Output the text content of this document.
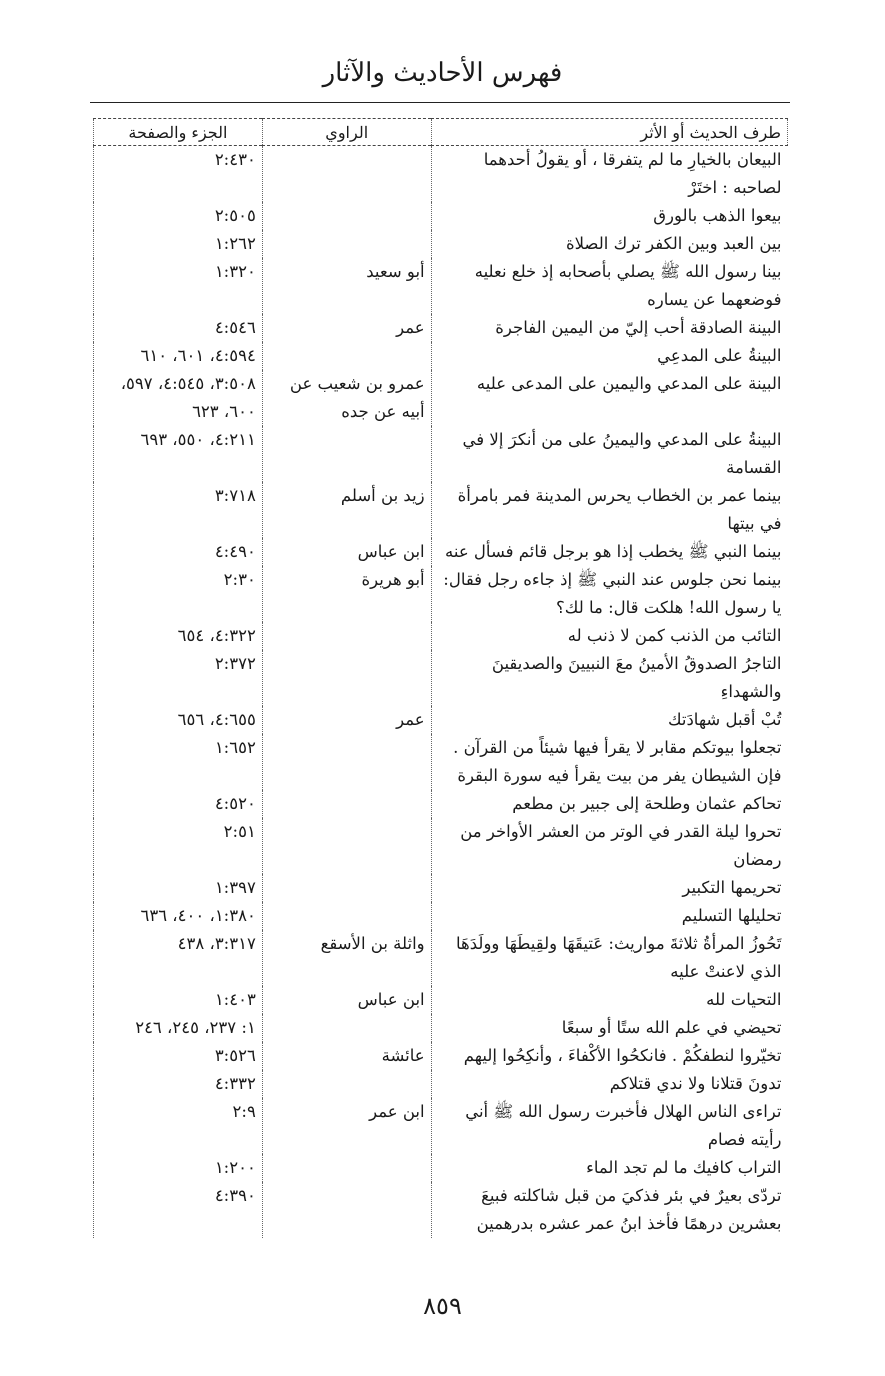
فهرس الأحاديث والآثار
طرف الحديث أو الأثر	الراوي	الجزء والصفحة
البيعان بالخيارِ ما لم يتفرقا ، أو يقولُ أحدهما لصاحبه : اختَرْ		٢:٤٣٠
بيعوا الذهب بالورق		٢:٥٠٥
بين العبد وبين الكفر ترك الصلاة		١:٢٦٢
بينا رسول الله ﷺ يصلي بأصحابه إذ خلع نعليه فوضعهما عن يساره	أبو سعيد	١:٣٢٠
البينة الصادقة أحب إليّ من اليمين الفاجرة	عمر	٤:٥٤٦
البينةُ على المدعِي		٤:٥٩٤، ٦٠١، ٦١٠
البينة على المدعي واليمين على المدعى عليه	عمرو بن شعيب عن أبيه عن جده	٣:٥٠٨، ٤:٥٤٥، ٥٩٧، ٦٠٠، ٦٢٣
البينةُ على المدعي واليمينُ على من أنكرَ إلا في القسامة		٤:٢١١، ٥٥٠، ٦٩٣
بينما عمر بن الخطاب يحرس المدينة فمر بامرأة في بيتها	زيد بن أسلم	٣:٧١٨
بينما النبي ﷺ يخطب إذا هو برجل قائم فسأل عنه	ابن عباس	٤:٤٩٠
بينما نحن جلوس عند النبي ﷺ إذ جاءه رجل فقال: يا رسول الله! هلكت قال: ما لك؟	أبو هريرة	٢:٣٠
التائب من الذنب كمن لا ذنب له		٤:٣٢٢، ٦٥٤
التاجرُ الصدوقُ الأمينُ معَ النبيينَ والصديقينَ والشهداءِ		٢:٣٧٢
تُبْ أقبل شهادَتك	عمر	٤:٦٥٥، ٦٥٦
تجعلوا بيوتكم مقابر لا يقرأ فيها شيئاً من القرآن . فإن الشيطان يفر من بيت يقرأ فيه سورة البقرة		١:٦٥٢
تحاكم عثمان وطلحة إلى جبير بن مطعم		٤:٥٢٠
تحروا ليلة القدر في الوتر من العشر الأواخر من رمضان		٢:٥١
تحريمها التكبير		١:٣٩٧
تحليلها التسليم		١:٣٨٠، ٤٠٠، ٦٣٦
تَحُوزُ المرأةُ ثلاثةَ مواريث: عَتيقَهَا ولقِيطَهَا وولَدَهَا الذي لاعنتْ عليه	واثلة بن الأسقع	٣:٣١٧، ٤٣٨
التحيات لله	ابن عباس	١:٤٠٣
تحيضي في علم الله ستًا أو سبعًا		١: ٢٣٧، ٢٤٥، ٢٤٦
تخيّروا لنطفكُمْ . فانكحُوا الأكْفاءَ ، وأنكِحُوا إليهم	عائشة	٣:٥٢٦
تدونَ قتلانا ولا ندي قتلاكم		٤:٣٣٢
تراءى الناس الهلال فأخبرت رسول الله ﷺ أني رأيته فصام	ابن عمر	٢:٩
التراب كافيك ما لم تجد الماء		١:٢٠٠
تردّى بعيرٌ في بئر فذكيَ من قبل شاكلته فبيعَ بعشرين درهمًا فأخذ ابنُ عمر عشره بدرهمين		٤:٣٩٠
٨٥٩
